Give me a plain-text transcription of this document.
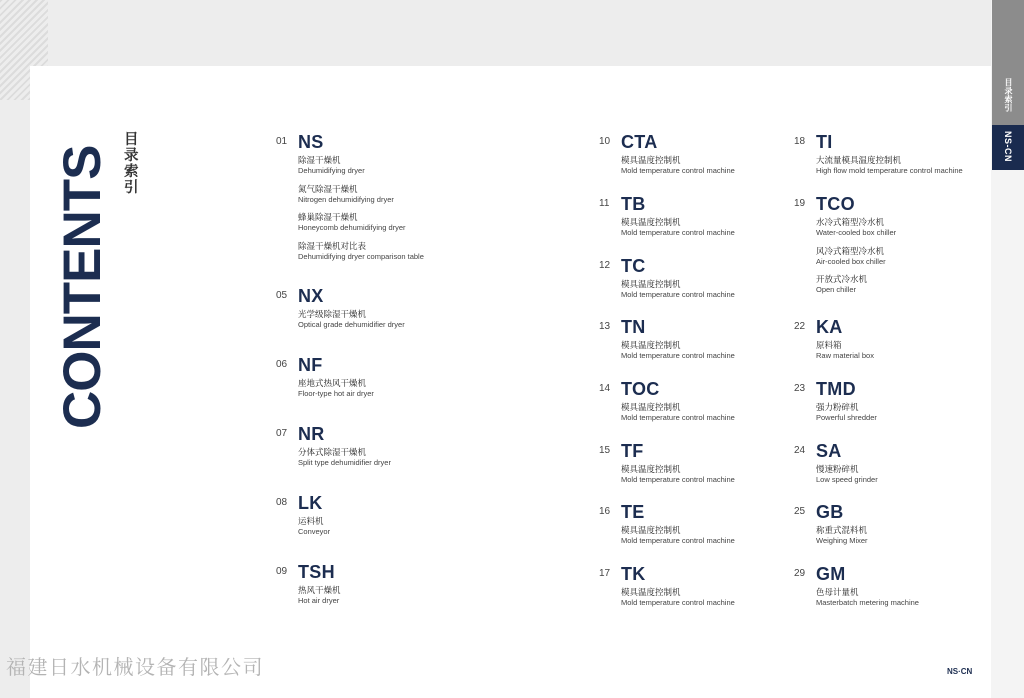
目录索引
NS-CN
CONTENTS
目录索引
01 NS
除湿干燥机
Dehumidifying dryer
氮气除湿干燥机
Nitrogen dehumidifying dryer
蜂巢除湿干燥机
Honeycomb dehumidifying dryer
除湿干燥机对比表
Dehumidifying dryer comparison table
05 NX
光学级除湿干燥机
Optical grade dehumidifier dryer
06 NF
座地式热风干燥机
Floor-type hot air dryer
07 NR
分体式除湿干燥机
Split type dehumidifier dryer
08 LK
运料机
Conveyor
09 TSH
热风干燥机
Hot air dryer
10 CTA
模具温度控制机
Mold temperature control machine
11 TB
模具温度控制机
Mold temperature control machine
12 TC
模具温度控制机
Mold temperature control machine
13 TN
模具温度控制机
Mold temperature control machine
14 TOC
模具温度控制机
Mold temperature control machine
15 TF
模具温度控制机
Mold temperature control machine
16 TE
模具温度控制机
Mold temperature control machine
17 TK
模具温度控制机
Mold temperature control machine
18 TI
大流量模具温度控制机
High flow mold temperature control machine
19 TCO
水冷式箱型冷水机
Water-cooled box chiller
风冷式箱型冷水机
Air-cooled box chiller
开放式冷水机
Open chiller
22 KA
原料箱
Raw material box
23 TMD
强力粉碎机
Powerful shredder
24 SA
慢速粉碎机
Low speed grinder
25 GB
称重式混料机
Weighing Mixer
29 GM
色母计量机
Masterbatch metering machine
福建日水机械设备有限公司	NS·CN
